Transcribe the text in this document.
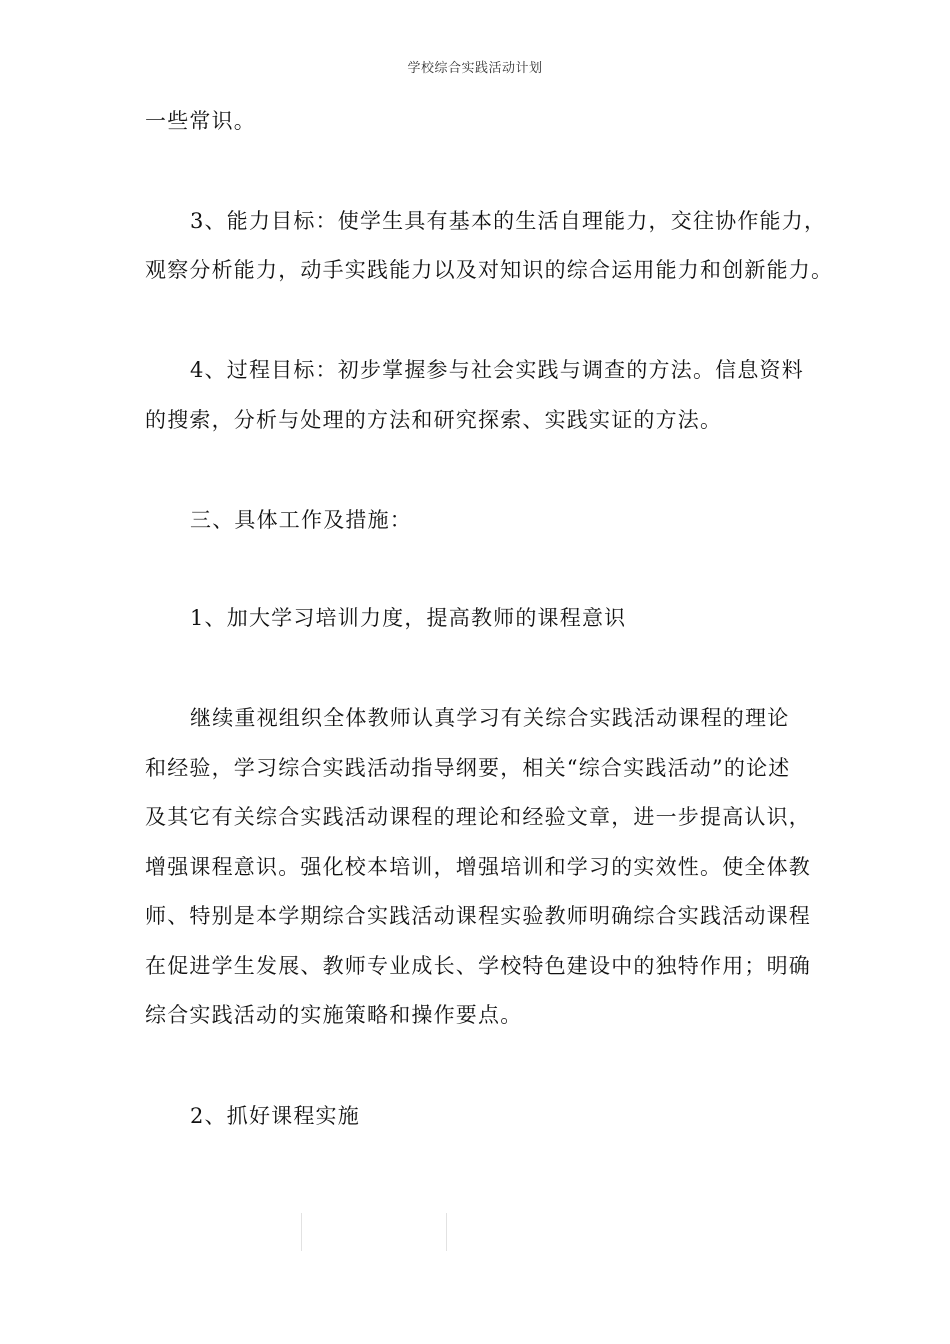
学校综合实践活动计划
一些常识。
3、能力目标：使学生具有基本的生活自理能力，交往协作能力，
观察分析能力，动手实践能力以及对知识的综合运用能力和创新能力。
4、过程目标：初步掌握参与社会实践与调查的方法。信息资料
的搜索，分析与处理的方法和研究探索、实践实证的方法。
三、具体工作及措施：
1、加大学习培训力度，提高教师的课程意识
继续重视组织全体教师认真学习有关综合实践活动课程的理论
和经验，学习综合实践活动指导纲要，相关“综合实践活动”的论述
及其它有关综合实践活动课程的理论和经验文章，进一步提高认识，
增强课程意识。强化校本培训，增强培训和学习的实效性。使全体教
师、特别是本学期综合实践活动课程实验教师明确综合实践活动课程
在促进学生发展、教师专业成长、学校特色建设中的独特作用；明确
综合实践活动的实施策略和操作要点。
2、抓好课程实施
